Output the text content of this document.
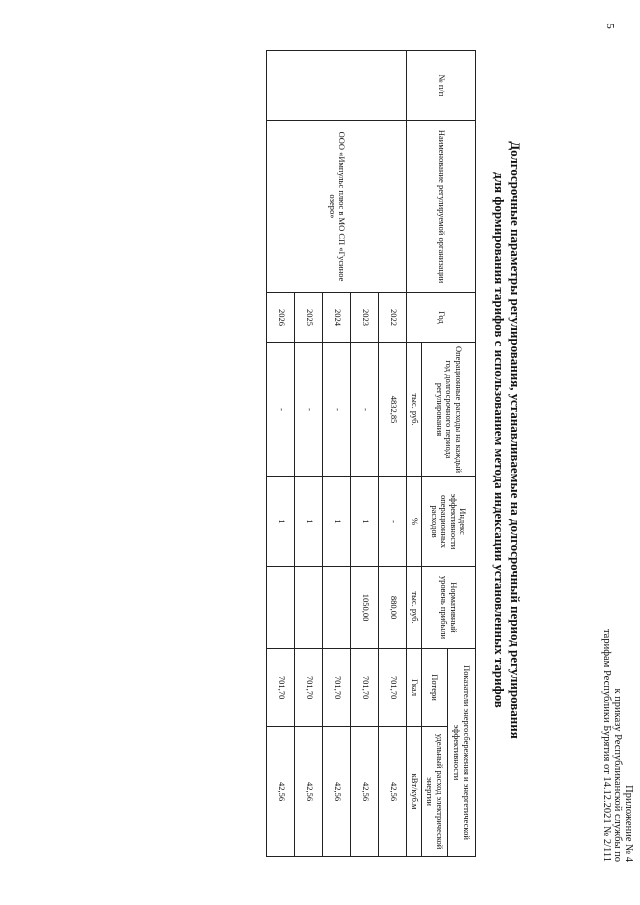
5
Приложение № 4
к приказу Республиканской службы по
тарифам Республики Бурятия от 14.12.2021 № 2/111
Долгосрочные параметры регулирования, устанавливаемые на долгосрочный период регулирования
для формирования тарифов с использованием метода индексации установленных тарифов
№ п/п	Наименование регулируемой организации	Год	Операционные расходы на каждый год долгосрочного периода регулирования	Индекс эффективности операционных расходов	Нормативный уровень прибыли	Показатели энергосбережения и энергетической эффективности	
						Потери	удельный расход электрической энергии
			тыс. руб.	%	тыс. руб.	Гкал	кВт/куб.м
	ООО «Импульс плюс в МО СП «Гусиное озеро»	2022	4832,85	-	880,00	701,70	42,56
		2023	-	1	1050,00	701,70	42,56
		2024	-	1		701,70	42,56
		2025	-	1		701,70	42,56
		2026	-	1		701,70	42,56
